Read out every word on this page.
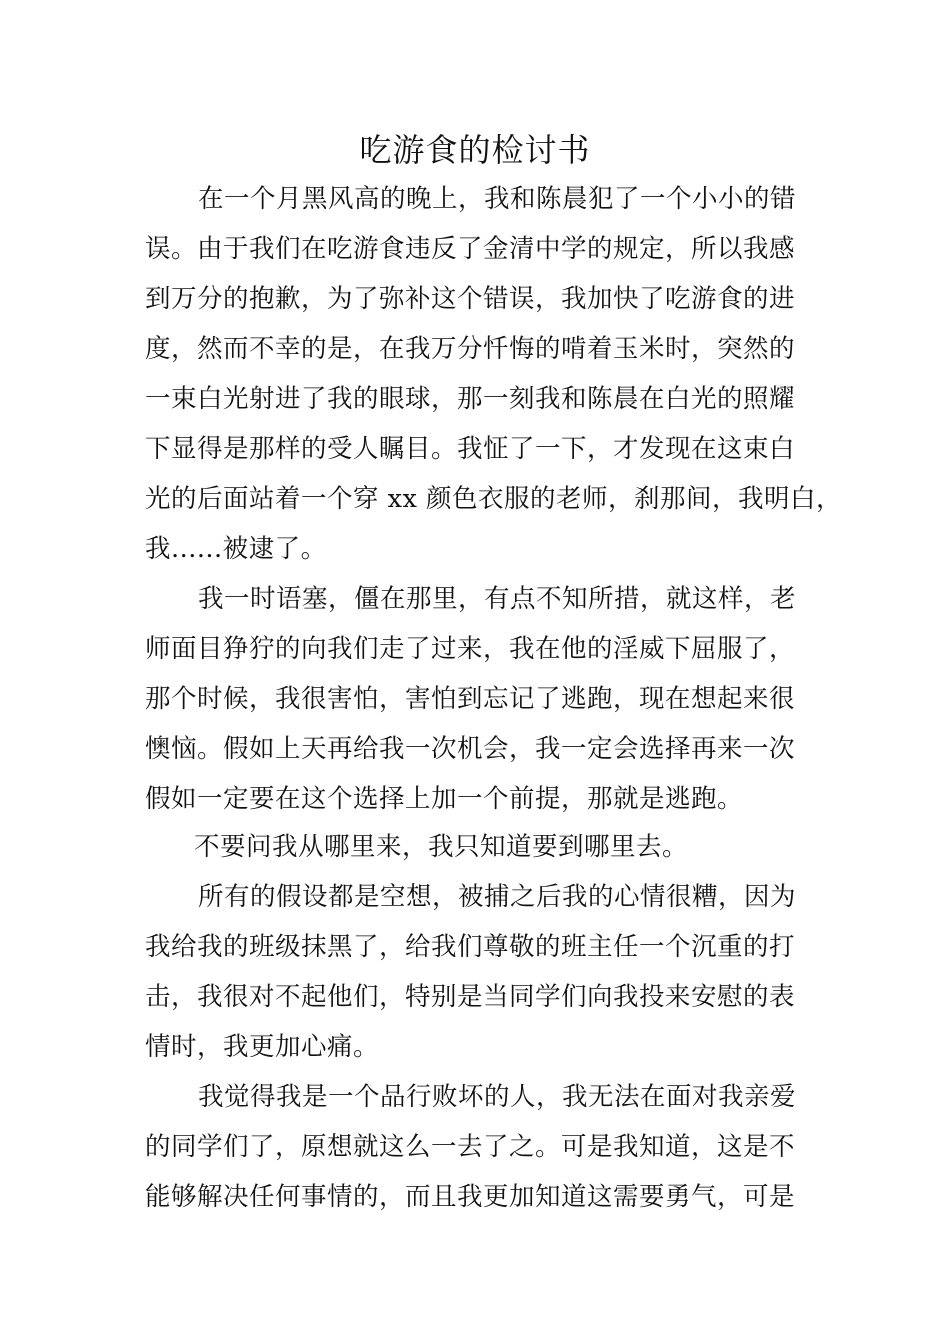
吃游食的检讨书
在一个月黑风高的晚上，我和陈晨犯了一个小小的错
误。由于我们在吃游食违反了金清中学的规定，所以我感
到万分的抱歉，为了弥补这个错误，我加快了吃游食的进
度，然而不幸的是，在我万分忏悔的啃着玉米时，突然的
一束白光射进了我的眼球，那一刻我和陈晨在白光的照耀
下显得是那样的受人瞩目。我怔了一下，才发现在这束白
光的后面站着一个穿 xx 颜色衣服的老师，刹那间，我明白，
我......被逮了。
我一时语塞，僵在那里，有点不知所措，就这样，老
师面目狰狞的向我们走了过来，我在他的淫威下屈服了，
那个时候，我很害怕，害怕到忘记了逃跑，现在想起来很
懊恼。假如上天再给我一次机会，我一定会选择再来一次
假如一定要在这个选择上加一个前提，那就是逃跑。
不要问我从哪里来，我只知道要到哪里去。
所有的假设都是空想，被捕之后我的心情很糟，因为
我给我的班级抹黑了，给我们尊敬的班主任一个沉重的打
击，我很对不起他们，特别是当同学们向我投来安慰的表
情时，我更加心痛。
我觉得我是一个品行败坏的人，我无法在面对我亲爱
的同学们了，原想就这么一去了之。可是我知道，这是不
能够解决任何事情的，而且我更加知道这需要勇气，可是
